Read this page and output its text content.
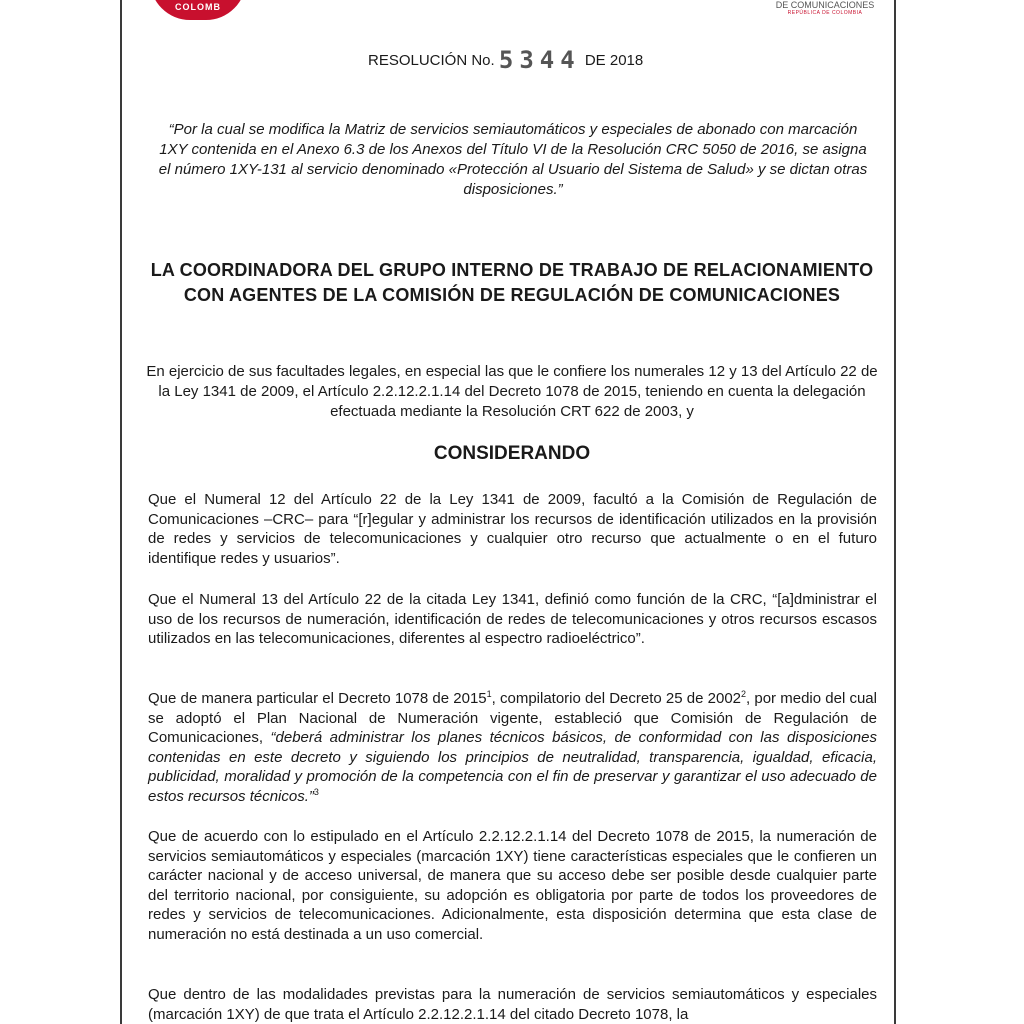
COLOMB	DE COMUNICACIONES
REPÚBLICA DE COLOMBIA
RESOLUCIÓN No. 5344 DE 2018
“Por la cual se modifica la Matriz de servicios semiautomáticos y especiales de abonado con marcación 1XY contenida en el Anexo 6.3 de los Anexos del Título VI de la Resolución CRC 5050 de 2016, se asigna el número 1XY-131 al servicio denominado «Protección al Usuario del Sistema de Salud» y se dictan otras disposiciones.”
LA COORDINADORA DEL GRUPO INTERNO DE TRABAJO DE RELACIONAMIENTO CON AGENTES DE LA COMISIÓN DE REGULACIÓN DE COMUNICACIONES
En ejercicio de sus facultades legales, en especial las que le confiere los numerales 12 y 13 del Artículo 22 de la Ley 1341 de 2009, el Artículo 2.2.12.2.1.14 del Decreto 1078 de 2015, teniendo en cuenta la delegación efectuada mediante la Resolución CRT 622 de 2003, y
CONSIDERANDO
Que el Numeral 12 del Artículo 22 de la Ley 1341 de 2009, facultó a la Comisión de Regulación de Comunicaciones –CRC– para “[r]egular y administrar los recursos de identificación utilizados en la provisión de redes y servicios de telecomunicaciones y cualquier otro recurso que actualmente o en el futuro identifique redes y usuarios”.
Que el Numeral 13 del Artículo 22 de la citada Ley 1341, definió como función de la CRC, “[a]dministrar el uso de los recursos de numeración, identificación de redes de telecomunicaciones y otros recursos escasos utilizados en las telecomunicaciones, diferentes al espectro radioeléctrico”.
Que de manera particular el Decreto 1078 de 2015$^1$, compilatorio del Decreto 25 de 2002$^2$, por medio del cual se adoptó el Plan Nacional de Numeración vigente, estableció que Comisión de Regulación de Comunicaciones, “deberá administrar los planes técnicos básicos, de conformidad con las disposiciones contenidas en este decreto y siguiendo los principios de neutralidad, transparencia, igualdad, eficacia, publicidad, moralidad y promoción de la competencia con el fin de preservar y garantizar el uso adecuado de estos recursos técnicos.”$^3$
Que de acuerdo con lo estipulado en el Artículo 2.2.12.2.1.14 del Decreto 1078 de 2015, la numeración de servicios semiautomáticos y especiales (marcación 1XY) tiene características especiales que le confieren un carácter nacional y de acceso universal, de manera que su acceso debe ser posible desde cualquier parte del territorio nacional, por consiguiente, su adopción es obligatoria por parte de todos los proveedores de redes y servicios de telecomunicaciones. Adicionalmente, esta disposición determina que esta clase de numeración no está destinada a un uso comercial.
Que dentro de las modalidades previstas para la numeración de servicios semiautomáticos y especiales (marcación 1XY) de que trata el Artículo 2.2.12.2.1.14 del citado Decreto 1078, la
